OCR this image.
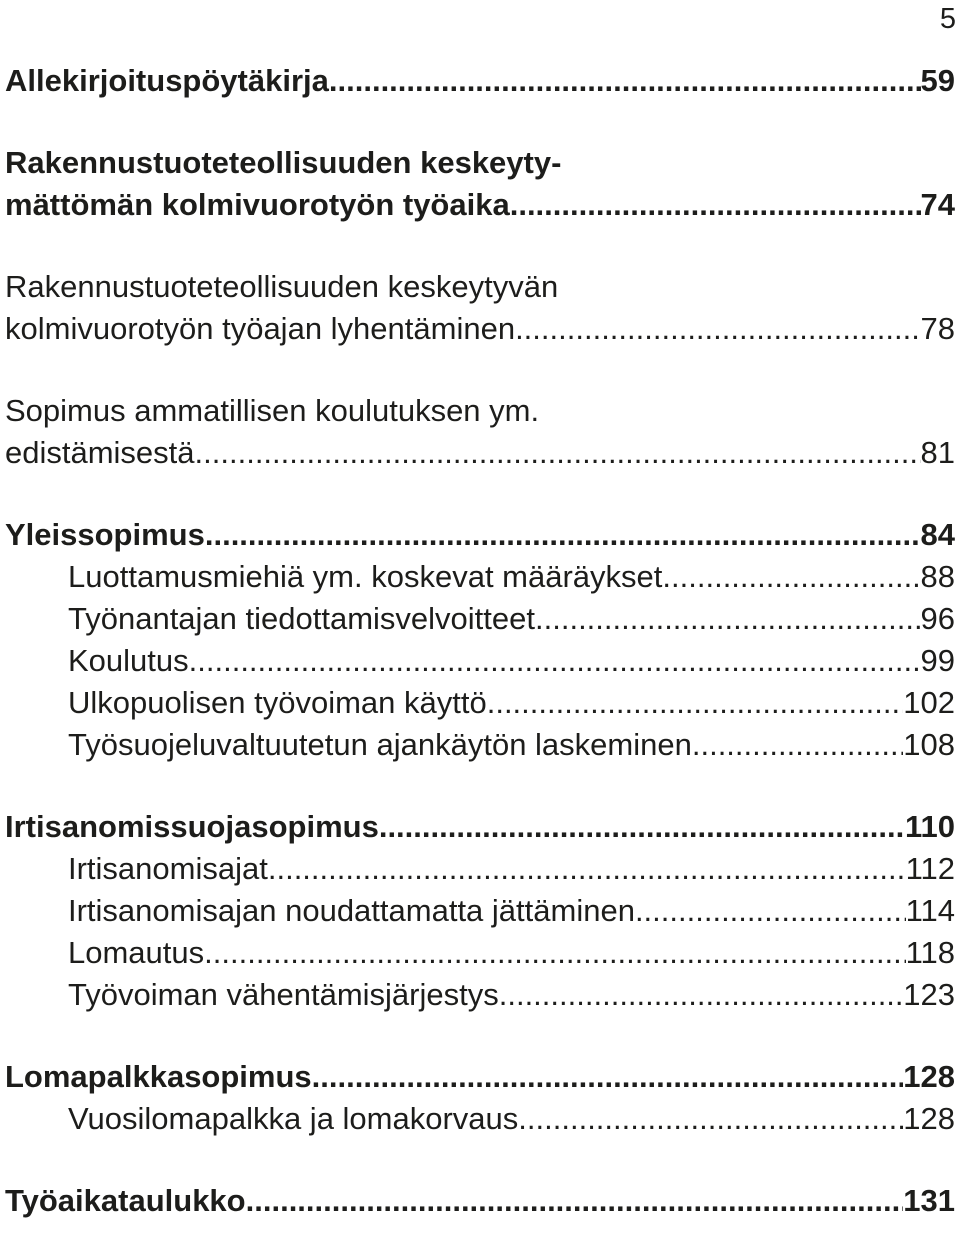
5
Allekirjoituspöytäkirja .....	59
Rakennustuoteteollisuuden keskeyty-
mättömän kolmivuorotyön työaika .....	74
Rakennustuoteteollisuuden keskeytyvän
kolmivuorotyön työajan lyhentäminen .....	78
Sopimus ammatillisen koulutuksen ym.
edistämisestä .....	81
Yleissopimus .....	84
Luottamusmiehiä ym. koskevat määräykset .....	88
Työnantajan tiedottamisvelvoitteet .....	96
Koulutus .....	99
Ulkopuolisen työvoiman käyttö .....	102
Työsuojeluvaltuutetun ajankäytön laskeminen .....	108
Irtisanomissuojasopimus .....	110
Irtisanomisajat .....	112
Irtisanomisajan noudattamatta jättäminen .....	114
Lomautus .....	118
Työvoiman vähentämisjärjestys .....	123
Lomapalkkasopimus .....	128
Vuosilomapalkka ja lomakorvaus .....	128
Työaikataulukko .....	131
